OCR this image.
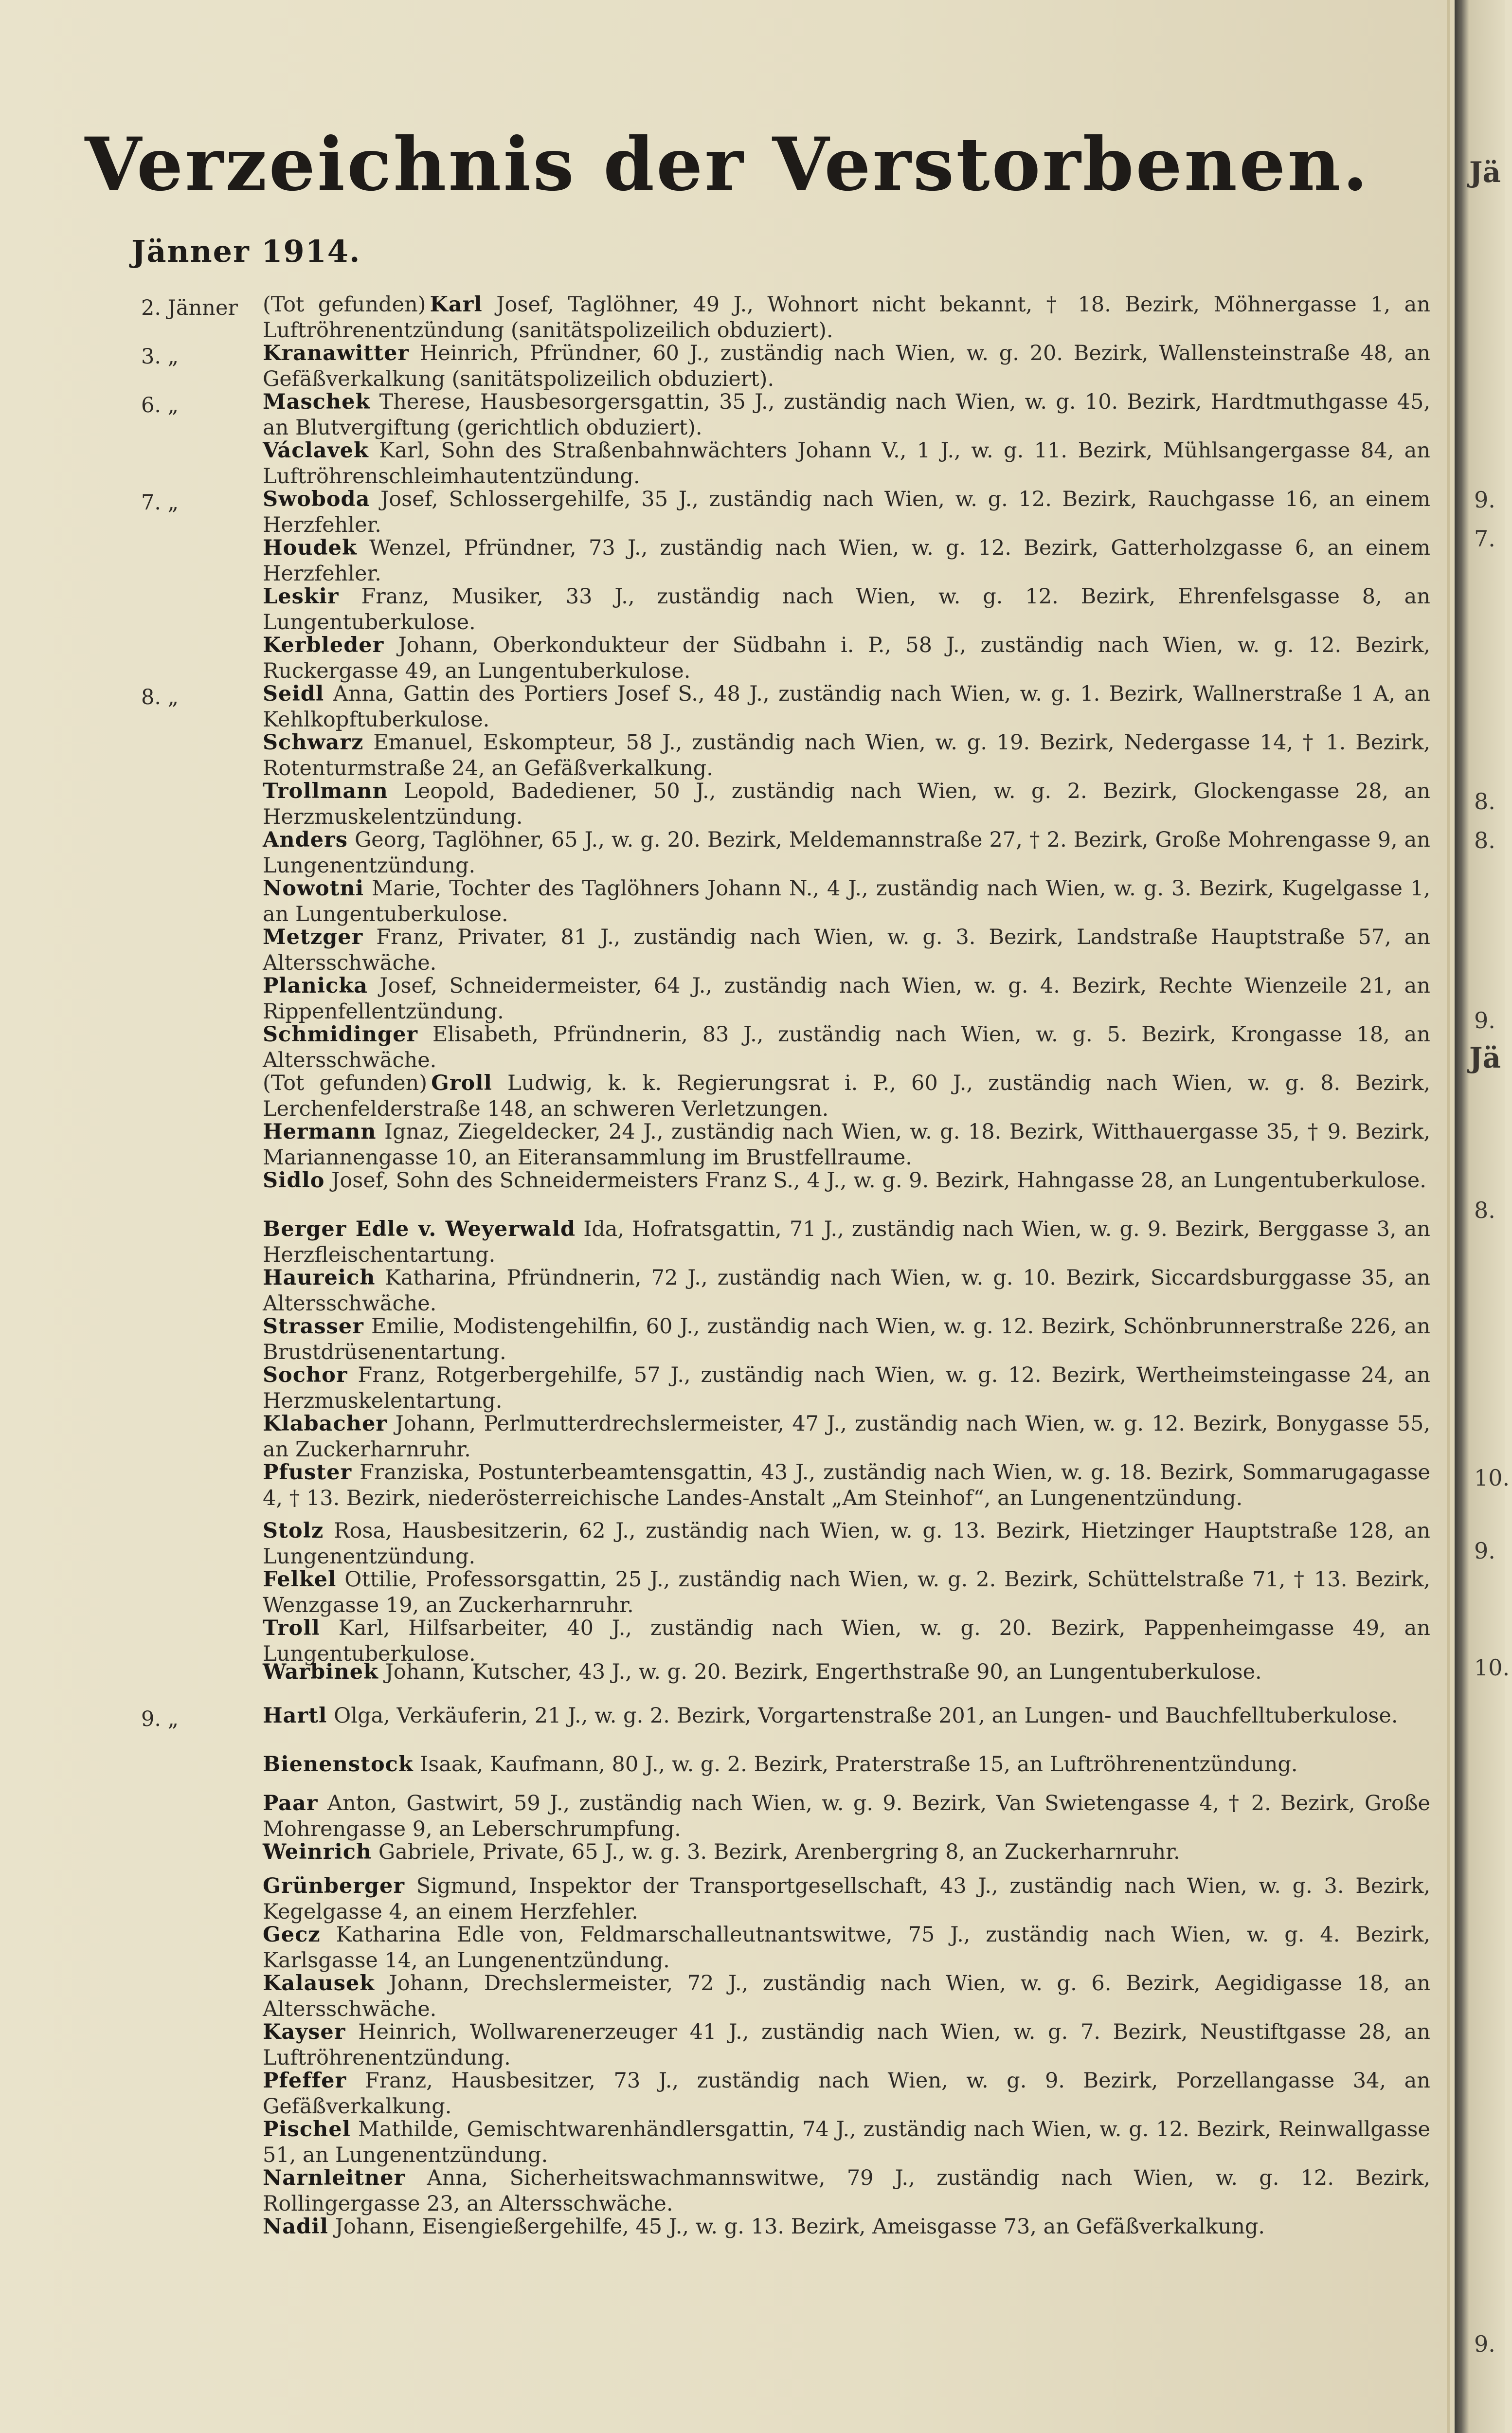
Verzeichnis der Verstorbenen.
Jänner 1914.
2. Jänner	(Tot gefunden) Karl Josef, Taglöhner, 49 J., Wohnort nicht bekannt, † 18. Bezirk, Möhnergasse 1, an Luftröhrenentzündung (sanitätspolizeilich obduziert).
3. „	Kranawitter Heinrich, Pfründner, 60 J., zuständig nach Wien, w. g. 20. Bezirk, Wallensteinstraße 48, an Gefäßverkalkung (sanitätspolizeilich obduziert).
6. „	Maschek Therese, Hausbesorgersgattin, 35 J., zuständig nach Wien, w. g. 10. Bezirk, Hardtmuthgasse 45, an Blutvergiftung (gerichtlich obduziert).
Václavek Karl, Sohn des Straßenbahnwächters Johann V., 1 J., w. g. 11. Bezirk, Mühlsangergasse 84, an Luftröhrenschleimhautentzündung.
7. „	Swoboda Josef, Schlossergehilfe, 35 J., zuständig nach Wien, w. g. 12. Bezirk, Rauchgasse 16, an einem Herzfehler.
Houdek Wenzel, Pfründner, 73 J., zuständig nach Wien, w. g. 12. Bezirk, Gatterholzgasse 6, an einem Herzfehler.
Leskir Franz, Musiker, 33 J., zuständig nach Wien, w. g. 12. Bezirk, Ehrenfelsgasse 8, an Lungentuberkulose.
Kerbleder Johann, Oberkondukteur der Südbahn i. P., 58 J., zuständig nach Wien, w. g. 12. Bezirk, Ruckergasse 49, an Lungentuberkulose.
8. „	Seidl Anna, Gattin des Portiers Josef S., 48 J., zuständig nach Wien, w. g. 1. Bezirk, Wallnerstraße 1 A, an Kehlkopftuberkulose.
Schwarz Emanuel, Eskompteur, 58 J., zuständig nach Wien, w. g. 19. Bezirk, Nedergasse 14, † 1. Bezirk, Rotenturmstraße 24, an Gefäßverkalkung.
Trollmann Leopold, Badediener, 50 J., zuständig nach Wien, w. g. 2. Bezirk, Glockengasse 28, an Herzmuskelentzündung.
Anders Georg, Taglöhner, 65 J., w. g. 20. Bezirk, Meldemannstraße 27, † 2. Bezirk, Große Mohrengasse 9, an Lungenentzündung.
Nowotni Marie, Tochter des Taglöhners Johann N., 4 J., zuständig nach Wien, w. g. 3. Bezirk, Kugelgasse 1, an Lungentuberkulose.
Metzger Franz, Privater, 81 J., zuständig nach Wien, w. g. 3. Bezirk, Landstraße Hauptstraße 57, an Altersschwäche.
Planicka Josef, Schneidermeister, 64 J., zuständig nach Wien, w. g. 4. Bezirk, Rechte Wienzeile 21, an Rippenfellentzündung.
Schmidinger Elisabeth, Pfründnerin, 83 J., zuständig nach Wien, w. g. 5. Bezirk, Krongasse 18, an Altersschwäche.
(Tot gefunden) Groll Ludwig, k. k. Regierungsrat i. P., 60 J., zuständig nach Wien, w. g. 8. Bezirk, Lerchenfelderstraße 148, an schweren Verletzungen.
Hermann Ignaz, Ziegeldecker, 24 J., zuständig nach Wien, w. g. 18. Bezirk, Witthauergasse 35, † 9. Bezirk, Mariannengasse 10, an Eiteransammlung im Brustfellraume.
Sidlo Josef, Sohn des Schneidermeisters Franz S., 4 J., w. g. 9. Bezirk, Hahngasse 28, an Lungentuberkulose.
Berger Edle v. Weyerwald Ida, Hofratsgattin, 71 J., zuständig nach Wien, w. g. 9. Bezirk, Berggasse 3, an Herzfleischentartung.
Haureich Katharina, Pfründnerin, 72 J., zuständig nach Wien, w. g. 10. Bezirk, Siccardsburggasse 35, an Altersschwäche.
Strasser Emilie, Modistengehilfin, 60 J., zuständig nach Wien, w. g. 12. Bezirk, Schönbrunnerstraße 226, an Brustdrüsenentartung.
Sochor Franz, Rotgerbergehilfe, 57 J., zuständig nach Wien, w. g. 12. Bezirk, Wertheimsteingasse 24, an Herzmuskelentartung.
Klabacher Johann, Perlmutterdrechslermeister, 47 J., zuständig nach Wien, w. g. 12. Bezirk, Bonygasse 55, an Zuckerharnruhr.
Pfuster Franziska, Postunterbeamtensgattin, 43 J., zuständig nach Wien, w. g. 18. Bezirk, Sommarugagasse 4, † 13. Bezirk, niederösterreichische Landes-Anstalt „Am Steinhof“, an Lungenentzündung.
Stolz Rosa, Hausbesitzerin, 62 J., zuständig nach Wien, w. g. 13. Bezirk, Hietzinger Hauptstraße 128, an Lungenentzündung.
Felkel Ottilie, Professorsgattin, 25 J., zuständig nach Wien, w. g. 2. Bezirk, Schüttelstraße 71, † 13. Bezirk, Wenzgasse 19, an Zuckerharnruhr.
Troll Karl, Hilfsarbeiter, 40 J., zuständig nach Wien, w. g. 20. Bezirk, Pappenheimgasse 49, an Lungentuberkulose.
Warbinek Johann, Kutscher, 43 J., w. g. 20. Bezirk, Engerthstraße 90, an Lungentuberkulose.
9. „	Hartl Olga, Verkäuferin, 21 J., w. g. 2. Bezirk, Vorgartenstraße 201, an Lungen- und Bauchfelltuberkulose.
Bienenstock Isaak, Kaufmann, 80 J., w. g. 2. Bezirk, Praterstraße 15, an Luftröhrenentzündung.
Paar Anton, Gastwirt, 59 J., zuständig nach Wien, w. g. 9. Bezirk, Van Swietengasse 4, † 2. Bezirk, Große Mohrengasse 9, an Leberschrumpfung.
Weinrich Gabriele, Private, 65 J., w. g. 3. Bezirk, Arenbergring 8, an Zuckerharnruhr.
Grünberger Sigmund, Inspektor der Transportgesellschaft, 43 J., zuständig nach Wien, w. g. 3. Bezirk, Kegelgasse 4, an einem Herzfehler.
Gecz Katharina Edle von, Feldmarschalleutnantswitwe, 75 J., zuständig nach Wien, w. g. 4. Bezirk, Karlsgasse 14, an Lungenentzündung.
Kalausek Johann, Drechslermeister, 72 J., zuständig nach Wien, w. g. 6. Bezirk, Aegidigasse 18, an Altersschwäche.
Kayser Heinrich, Wollwarenerzeuger 41 J., zuständig nach Wien, w. g. 7. Bezirk, Neustiftgasse 28, an Luftröhrenentzündung.
Pfeffer Franz, Hausbesitzer, 73 J., zuständig nach Wien, w. g. 9. Bezirk, Porzellangasse 34, an Gefäßverkalkung.
Pischel Mathilde, Gemischtwarenhändlersgattin, 74 J., zuständig nach Wien, w. g. 12. Bezirk, Reinwallgasse 51, an Lungenentzündung.
Narnleitner Anna, Sicherheitswachmannswitwe, 79 J., zuständig nach Wien, w. g. 12. Bezirk, Rollingergasse 23, an Altersschwäche.
Nadil Johann, Eisengießergehilfe, 45 J., w. g. 13. Bezirk, Ameisgasse 73, an Gefäßverkalkung.
Jä
9.
7.
8.
8.
9.
Jä
8.
10.
9.
10.
9.
